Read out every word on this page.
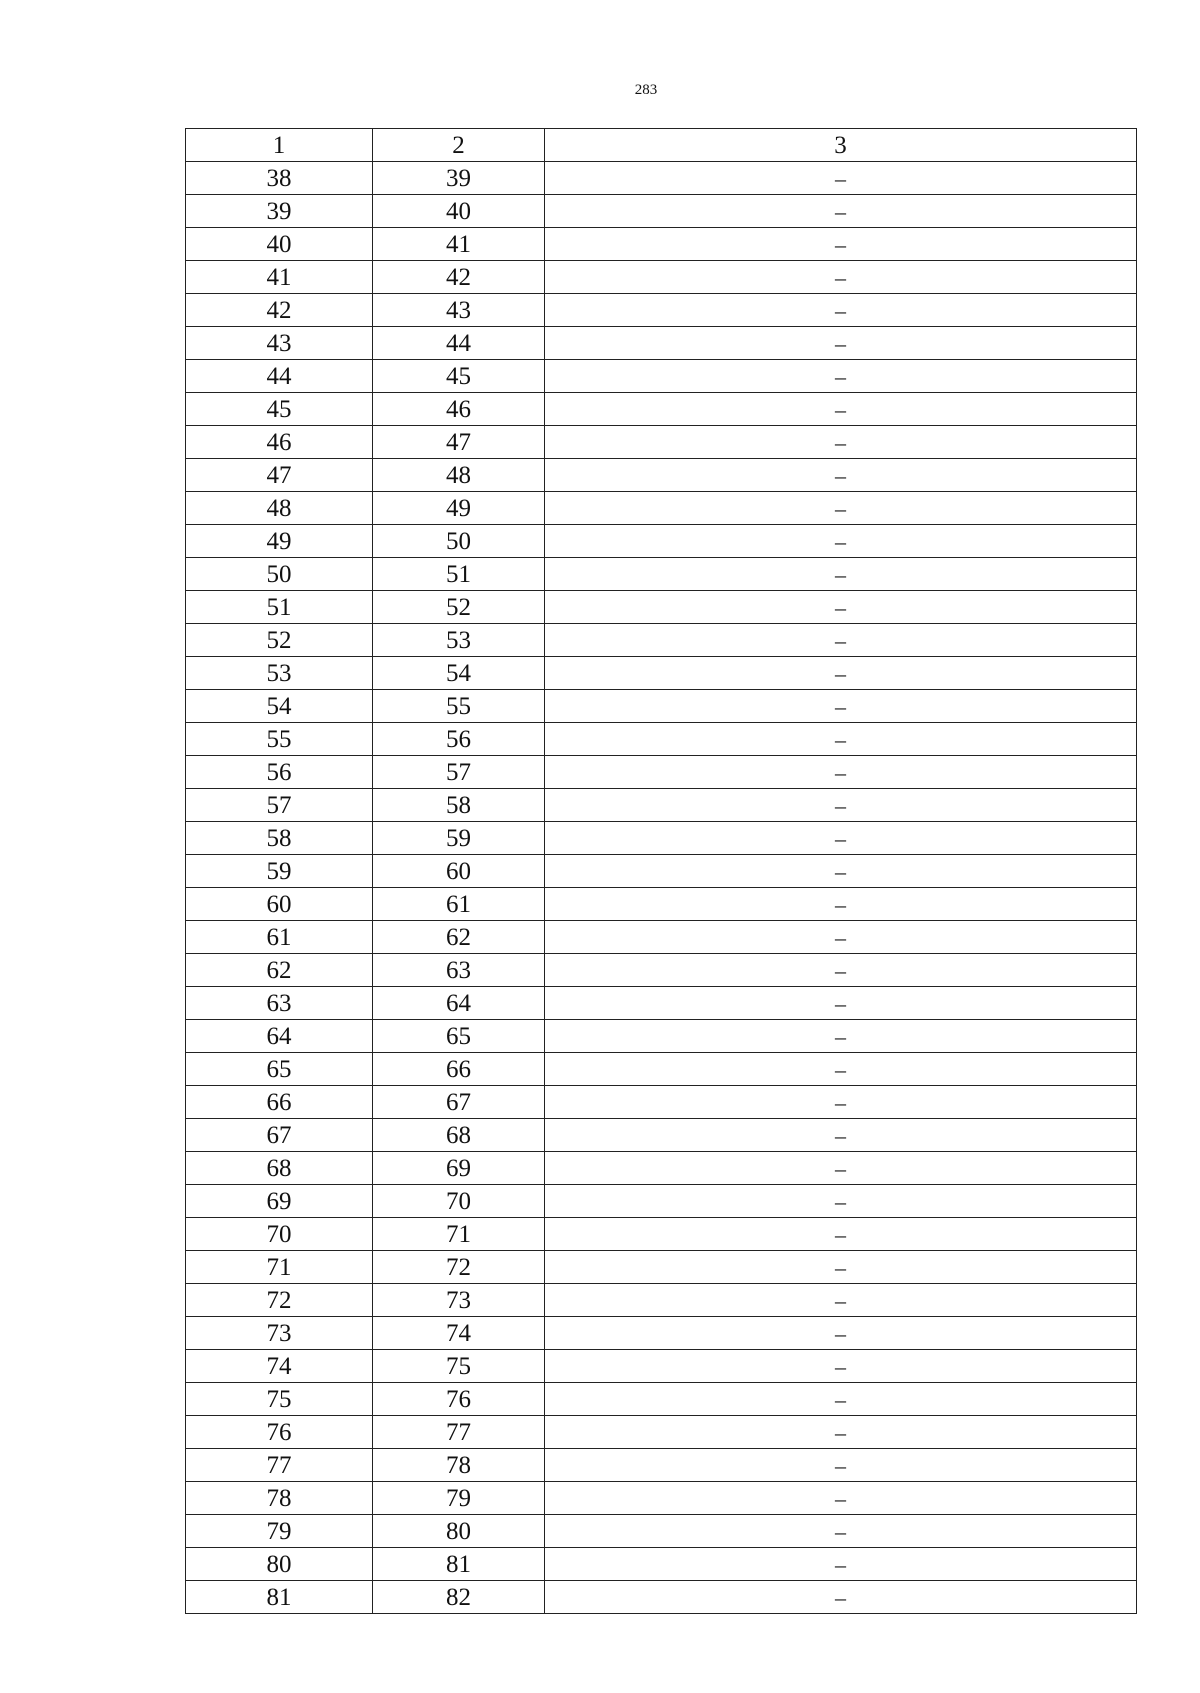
283
1	2	3
38	39	–
39	40	–
40	41	–
41	42	–
42	43	–
43	44	–
44	45	–
45	46	–
46	47	–
47	48	–
48	49	–
49	50	–
50	51	–
51	52	–
52	53	–
53	54	–
54	55	–
55	56	–
56	57	–
57	58	–
58	59	–
59	60	–
60	61	–
61	62	–
62	63	–
63	64	–
64	65	–
65	66	–
66	67	–
67	68	–
68	69	–
69	70	–
70	71	–
71	72	–
72	73	–
73	74	–
74	75	–
75	76	–
76	77	–
77	78	–
78	79	–
79	80	–
80	81	–
81	82	–
